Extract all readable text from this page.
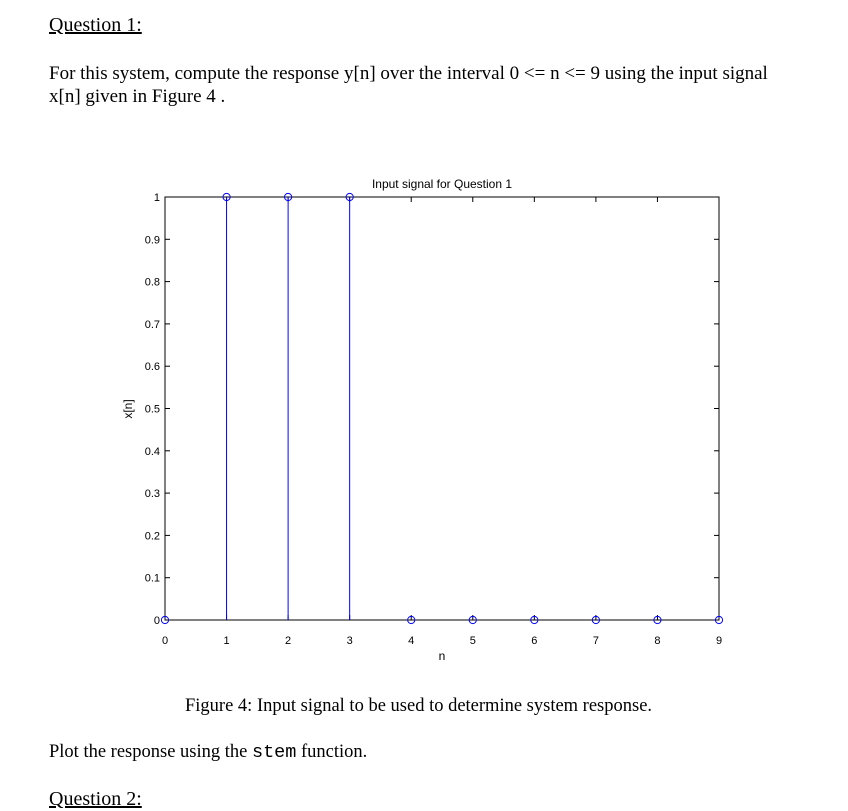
Question 1:
For this system, compute the response y[n] over the interval 0 <= n <= 9 using the input signal
x[n] given in Figure 4 .
0	1	2	3	4	5	6	7	8	9
0
0.1
0.2
0.3
0.4
0.5
0.6
0.7
0.8
0.9
1
Input signal for Question 1
n
x[n]
Figure 4: Input signal to be used to determine system response.
Plot the response using the stem function.
Question 2:
